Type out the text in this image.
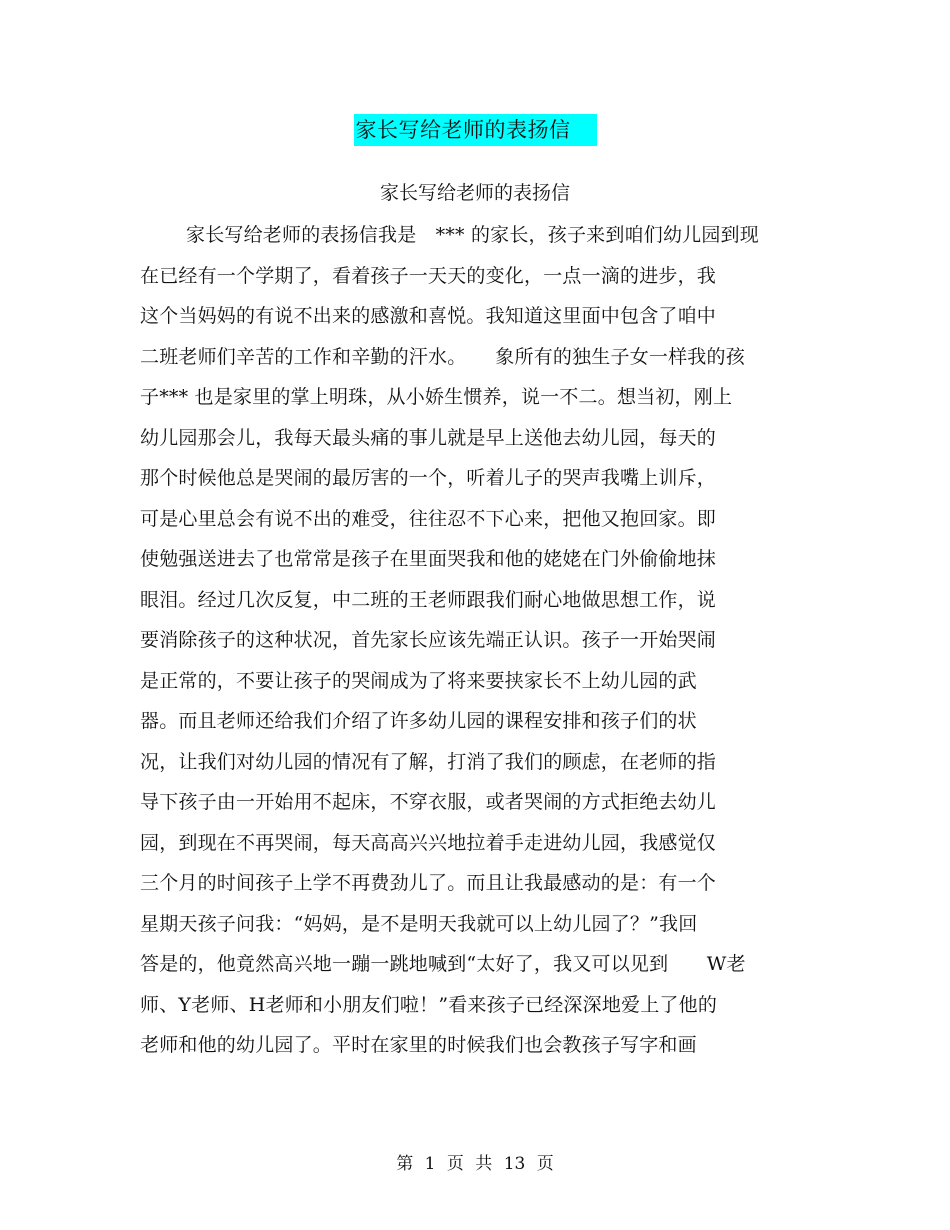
家长写给老师的表扬信
家长写给老师的表扬信
家长写给老师的表扬信我是　*** 的家长，孩子来到咱们幼儿园到现
在已经有一个学期了，看着孩子一天天的变化，一点一滴的进步，我
这个当妈妈的有说不出来的感激和喜悦。我知道这里面中包含了咱中
二班老师们辛苦的工作和辛勤的汗水。　　象所有的独生子女一样我的孩
子*** 也是家里的掌上明珠，从小娇生惯养，说一不二。想当初，刚上
幼儿园那会儿，我每天最头痛的事儿就是早上送他去幼儿园，每天的
那个时候他总是哭闹的最厉害的一个，听着儿子的哭声我嘴上训斥，
可是心里总会有说不出的难受，往往忍不下心来，把他又抱回家。即
使勉强送进去了也常常是孩子在里面哭我和他的姥姥在门外偷偷地抹
眼泪。经过几次反复，中二班的王老师跟我们耐心地做思想工作，说
要消除孩子的这种状况，首先家长应该先端正认识。孩子一开始哭闹
是正常的，不要让孩子的哭闹成为了将来要挟家长不上幼儿园的武
器。而且老师还给我们介绍了许多幼儿园的课程安排和孩子们的状
况，让我们对幼儿园的情况有了解，打消了我们的顾虑，在老师的指
导下孩子由一开始用不起床，不穿衣服，或者哭闹的方式拒绝去幼儿
园，到现在不再哭闹，每天高高兴兴地拉着手走进幼儿园，我感觉仅
三个月的时间孩子上学不再费劲儿了。而且让我最感动的是：有一个
星期天孩子问我：“妈妈，是不是明天我就可以上幼儿园了？”我回
答是的，他竟然高兴地一蹦一跳地喊到“太好了，我又可以见到　　W老
师、Y老师、H老师和小朋友们啦！”看来孩子已经深深地爱上了他的
老师和他的幼儿园了。平时在家里的时候我们也会教孩子写字和画
第 1 页 共 13 页
